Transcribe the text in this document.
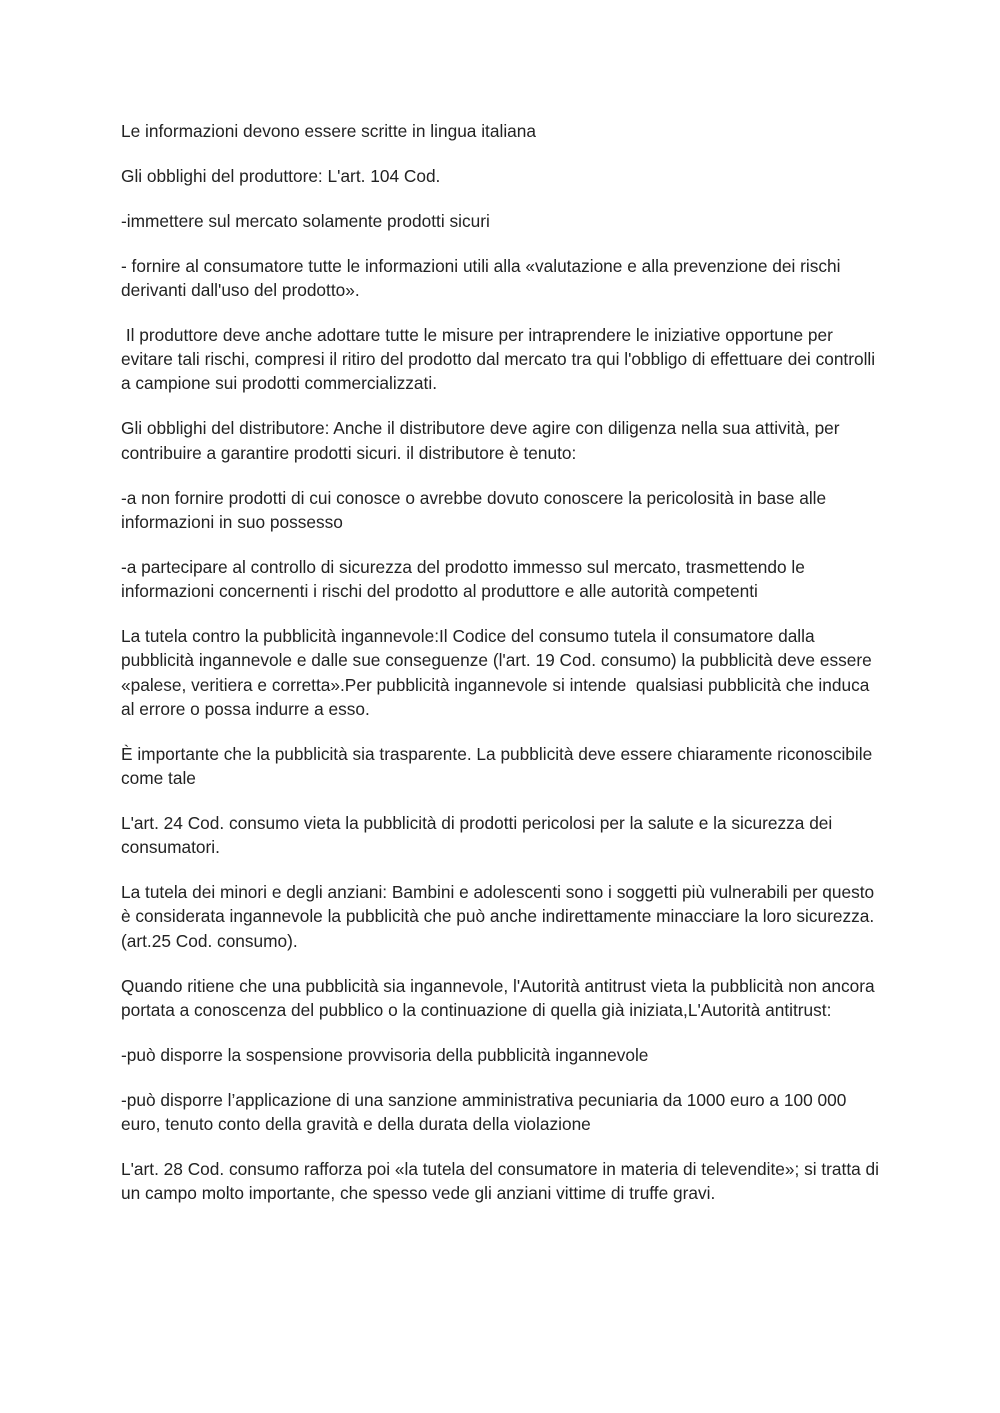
Le informazioni devono essere scritte in lingua italiana

Gli obblighi del produttore: L'art. 104 Cod.

-immettere sul mercato solamente prodotti sicuri

- fornire al consumatore tutte le informazioni utili alla «valutazione e alla prevenzione dei rischi derivanti dall'uso del prodotto».

Il produttore deve anche adottare tutte le misure per intraprendere le iniziative opportune per evitare tali rischi, compresi il ritiro del prodotto dal mercato tra qui l'obbligo di effettuare dei controlli a campione sui prodotti commercializzati.

Gli obblighi del distributore: Anche il distributore deve agire con diligenza nella sua attività, per contribuire a garantire prodotti sicuri. il distributore è tenuto:

-a non fornire prodotti di cui conosce o avrebbe dovuto conoscere la pericolosità in base alle informazioni in suo possesso

-a partecipare al controllo di sicurezza del prodotto immesso sul mercato, trasmettendo le informazioni concernenti i rischi del prodotto al produttore e alle autorità competenti

La tutela contro la pubblicità ingannevole:Il Codice del consumo tutela il consumatore dalla pubblicità ingannevole e dalle sue conseguenze (l'art. 19 Cod. consumo) la pubblicità deve essere «palese, veritiera e corretta».Per pubblicità ingannevole si intende  qualsiasi pubblicità che induca al errore o possa indurre a esso.

È importante che la pubblicità sia trasparente. La pubblicità deve essere chiaramente riconoscibile come tale

L'art. 24 Cod. consumo vieta la pubblicità di prodotti pericolosi per la salute e la sicurezza dei consumatori.

La tutela dei minori e degli anziani: Bambini e adolescenti sono i soggetti più vulnerabili per questo è considerata ingannevole la pubblicità che può anche indirettamente minacciare la loro sicurezza. (art.25 Cod. consumo).

Quando ritiene che una pubblicità sia ingannevole, l'Autorità antitrust vieta la pubblicità non ancora portata a conoscenza del pubblico o la continuazione di quella già iniziata,L'Autorità antitrust:

-può disporre la sospensione provvisoria della pubblicità ingannevole

-può disporre l’applicazione di una sanzione amministrativa pecuniaria da 1000 euro a 100 000 euro, tenuto conto della gravità e della durata della violazione

L'art. 28 Cod. consumo rafforza poi «la tutela del consumatore in materia di televendite»; si tratta di un campo molto importante, che spesso vede gli anziani vittime di truffe gravi.
